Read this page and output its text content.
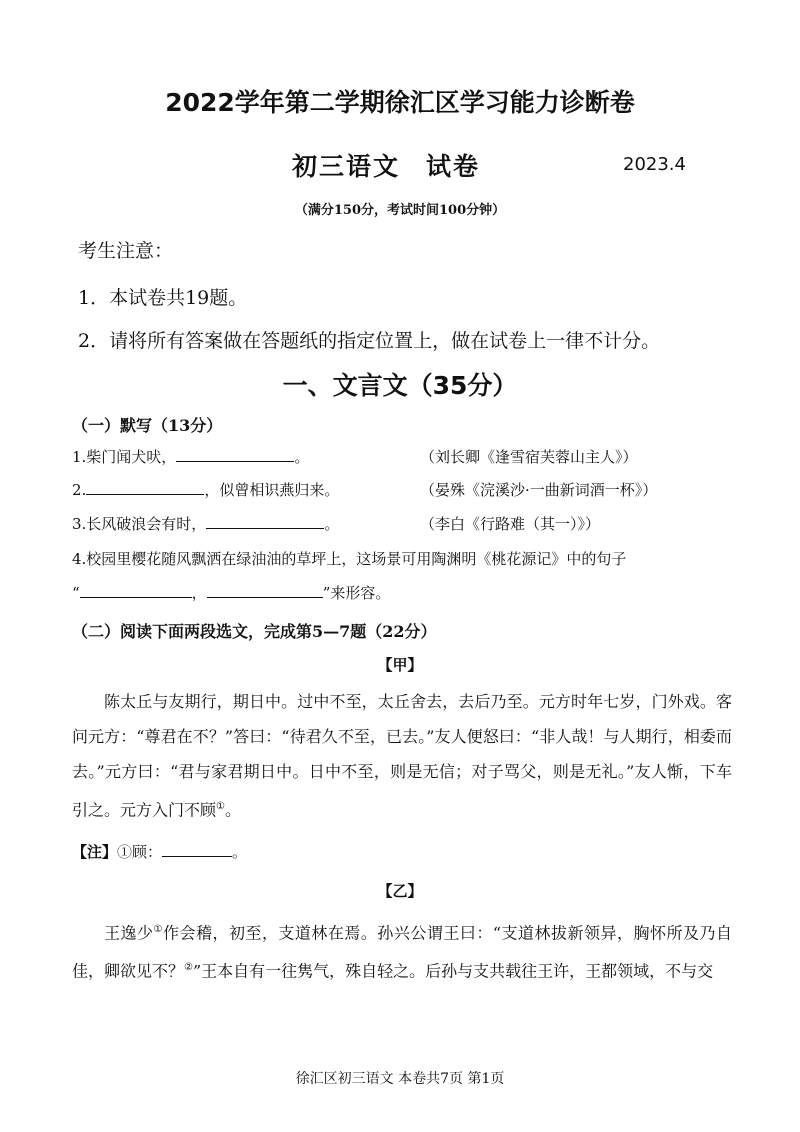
2022学年第二学期徐汇区学习能力诊断卷
初三语文 试卷	2023.4
（满分150分，考试时间100分钟）
考生注意：
1．本试卷共19题。
2．请将所有答案做在答题纸的指定位置上，做在试卷上一律不计分。
一、文言文（35分）
（一）默写（13分）
1.柴门闻犬吠，	。	（刘长卿《逢雪宿芙蓉山主人》）
2.	，似曾相识燕归来。	（晏殊《浣溪沙·一曲新词酒一杯》）
3.长风破浪会有时，	。	（李白《行路难（其一）》）
4.校园里樱花随风飘洒在绿油油的草坪上，这场景可用陶渊明《桃花源记》中的句子
“	，	”来形容。
（二）阅读下面两段选文，完成第5—7题（22分）
【甲】

陈太丘与友期行，期日中。过中不至，太丘舍去，去后乃至。元方时年七岁，门外戏。客问元方：“尊君在不？”答曰：“待君久不至，已去。”友人便怒曰：“非人哉！与人期行，相委而去。”元方曰：“君与家君期日中。日中不至，则是无信；对子骂父，则是无礼。”友人惭，下车引之。元方入门不顾①。

【注】①顾：	。
【乙】

王逸少①作会稽，初至，支道林在焉。孙兴公谓王曰：“支道林拔新领异，胸怀所及乃自佳，卿欲见不？②”王本自有一往隽气，殊自轻之。后孙与支共载往王许，王都领域，不与交

徐汇区初三语文 本卷共7页 第1页
